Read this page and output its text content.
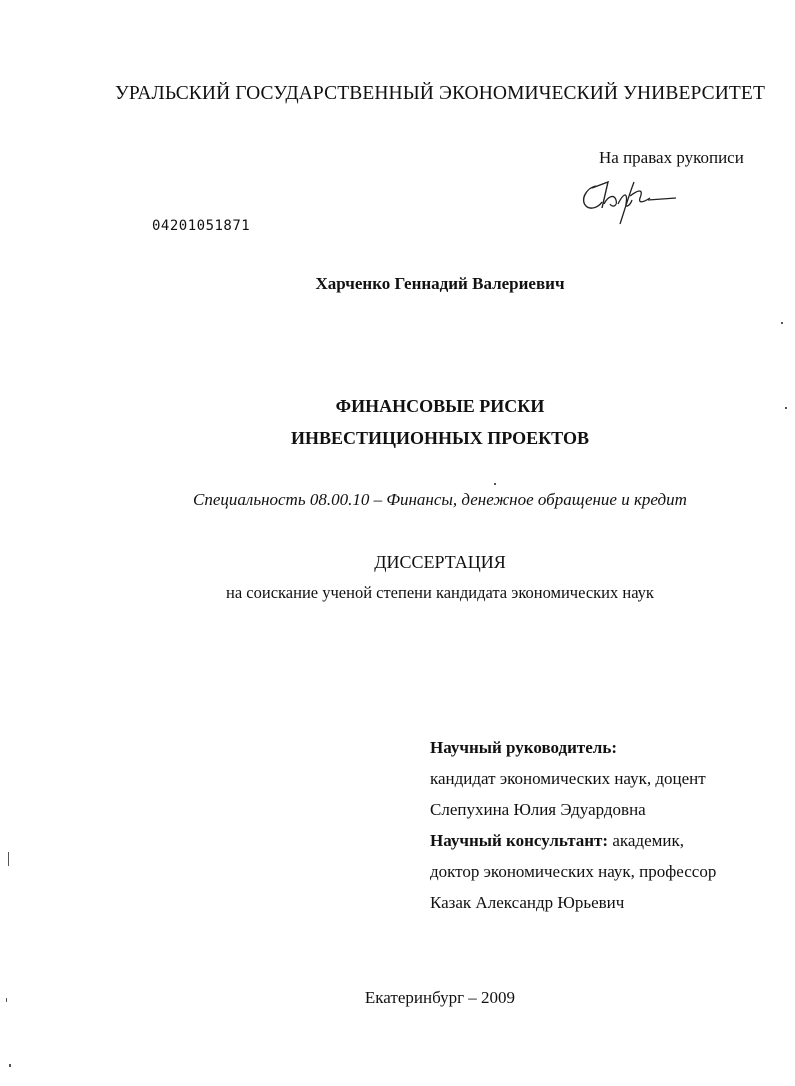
УРАЛЬСКИЙ ГОСУДАРСТВЕННЫЙ ЭКОНОМИЧЕСКИЙ УНИВЕРСИТЕТ
На правах рукописи
04201051871
Харченко Геннадий Валериевич
ФИНАНСОВЫЕ РИСКИ
ИНВЕСТИЦИОННЫХ ПРОЕКТОВ
Специальность 08.00.10 – Финансы, денежное обращение и кредит
ДИССЕРТАЦИЯ
на соискание ученой степени кандидата экономических наук
Научный руководитель:
кандидат экономических наук, доцент
Слепухина Юлия Эдуардовна
Научный консультант: академик,
доктор экономических наук, профессор
Казак Александр Юрьевич
Екатеринбург – 2009
